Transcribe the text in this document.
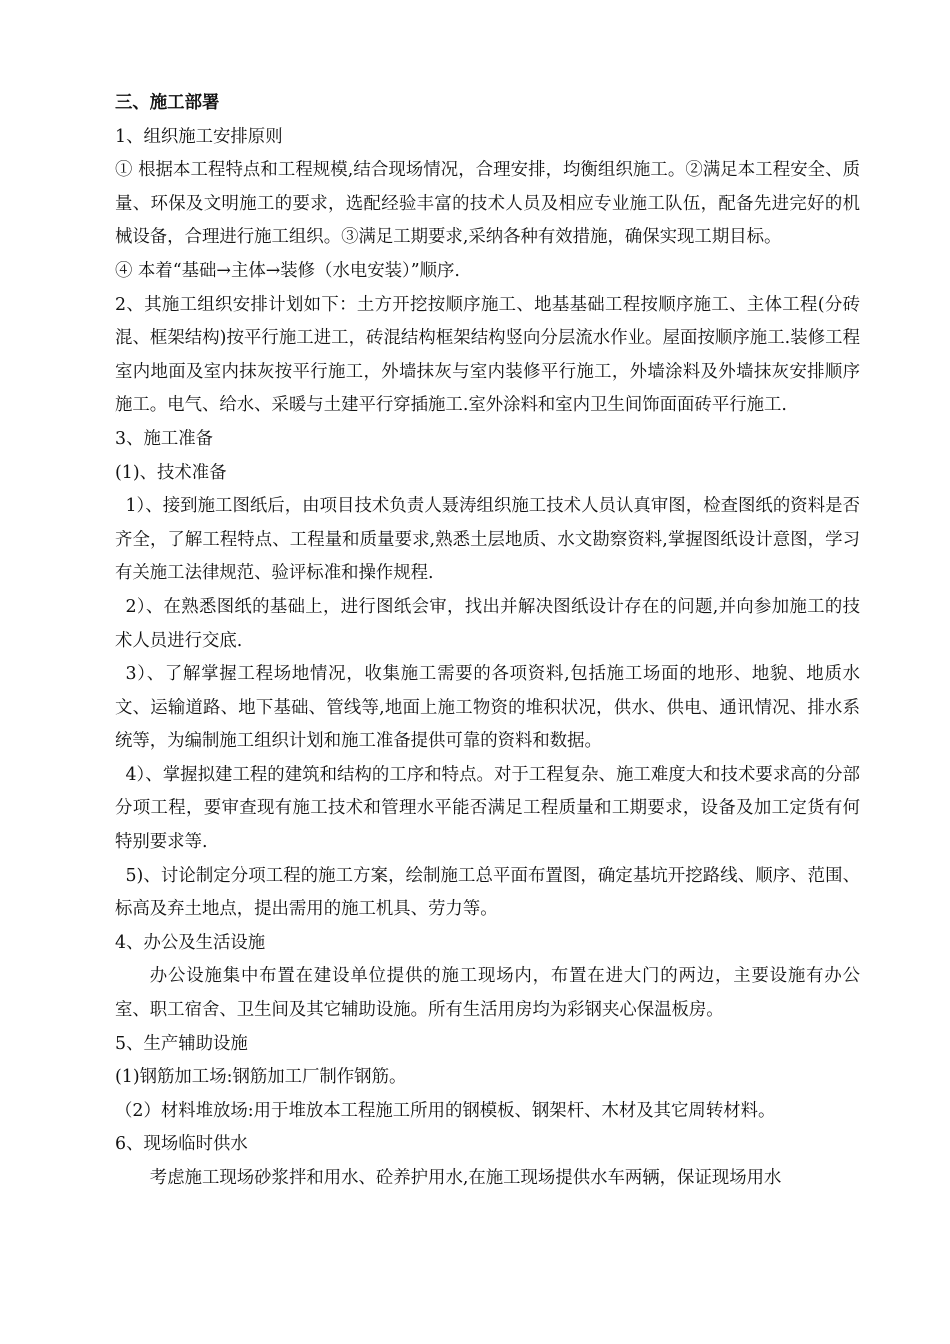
三、施工部署

1、组织施工安排原则

① 根据本工程特点和工程规模,结合现场情况，合理安排，均衡组织施工。②满足本工程安全、质量、环保及文明施工的要求，选配经验丰富的技术人员及相应专业施工队伍，配备先进完好的机械设备，合理进行施工组织。③满足工期要求,采纳各种有效措施，确保实现工期目标。

④ 本着“基础→主体→装修（水电安装）”顺序.

2、其施工组织安排计划如下：土方开挖按顺序施工、地基基础工程按顺序施工、主体工程(分砖混、框架结构)按平行施工进工，砖混结构框架结构竖向分层流水作业。屋面按顺序施工.装修工程室内地面及室内抹灰按平行施工，外墙抹灰与室内装修平行施工，外墙涂料及外墙抹灰安排顺序施工。电气、给水、采暖与土建平行穿插施工.室外涂料和室内卫生间饰面面砖平行施工.

3、施工准备

(1)、技术准备

1）、接到施工图纸后，由项目技术负责人聂涛组织施工技术人员认真审图，检查图纸的资料是否齐全，了解工程特点、工程量和质量要求,熟悉土层地质、水文勘察资料,掌握图纸设计意图，学习有关施工法律规范、验评标准和操作规程.

2）、在熟悉图纸的基础上，进行图纸会审，找出并解决图纸设计存在的问题,并向参加施工的技术人员进行交底.

3）、了解掌握工程场地情况，收集施工需要的各项资料,包括施工场面的地形、地貌、地质水文、运输道路、地下基础、管线等,地面上施工物资的堆积状况，供水、供电、通讯情况、排水系统等，为编制施工组织计划和施工准备提供可靠的资料和数据。

4）、掌握拟建工程的建筑和结构的工序和特点。对于工程复杂、施工难度大和技术要求高的分部分项工程，要审查现有施工技术和管理水平能否满足工程质量和工期要求，设备及加工定货有何特别要求等.

5)、讨论制定分项工程的施工方案，绘制施工总平面布置图，确定基坑开挖路线、顺序、范围、标高及弃土地点，提出需用的施工机具、劳力等。

4、办公及生活设施

办公设施集中布置在建设单位提供的施工现场内，布置在进大门的两边，主要设施有办公室、职工宿舍、卫生间及其它辅助设施。所有生活用房均为彩钢夹心保温板房。

5、生产辅助设施

(1)钢筋加工场:钢筋加工厂制作钢筋。

（2）材料堆放场:用于堆放本工程施工所用的钢模板、钢架杆、木材及其它周转材料。

6、现场临时供水

考虑施工现场砂浆拌和用水、砼养护用水,在施工现场提供水车两辆，保证现场用水
